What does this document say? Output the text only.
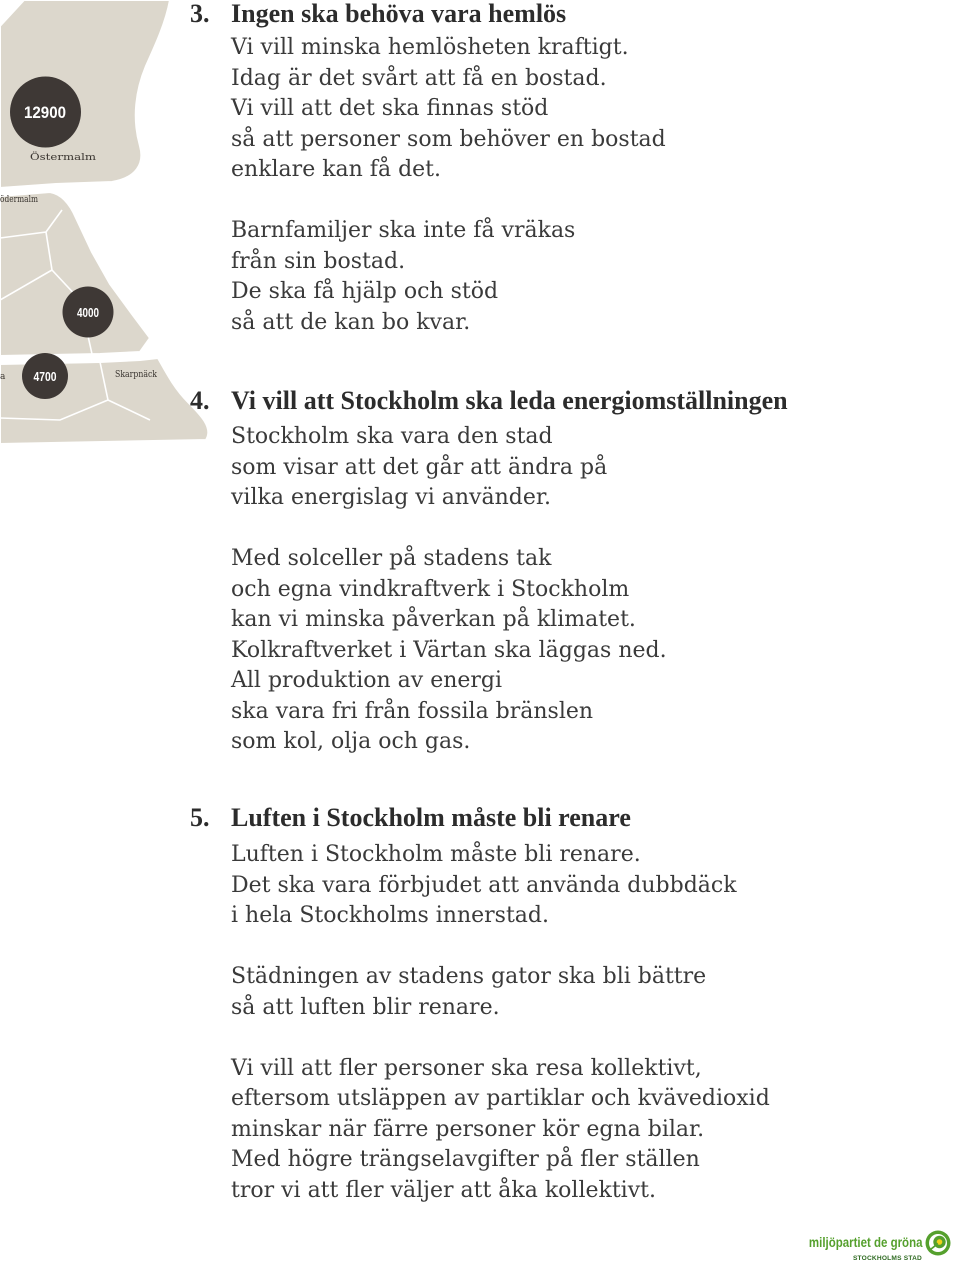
12900
4000
4700
Östermalm
ödermalm
Skarpnäck
a
3. Ingen ska behöva vara hemlös
Vi vill minska hemlösheten kraftigt.
Idag är det svårt att få en bostad.
Vi vill att det ska finnas stöd
så att personer som behöver en bostad
enklare kan få det.
Barnfamiljer ska inte få vräkas
från sin bostad.
De ska få hjälp och stöd
så att de kan bo kvar.
4. Vi vill att Stockholm ska leda energiomställningen
Stockholm ska vara den stad
som visar att det går att ändra på
vilka energislag vi använder.
Med solceller på stadens tak
och egna vindkraftverk i Stockholm
kan vi minska påverkan på klimatet.
Kolkraftverket i Värtan ska läggas ned.
All produktion av energi
ska vara fri från fossila bränslen
som kol, olja och gas.
5. Luften i Stockholm måste bli renare
Luften i Stockholm måste bli renare.
Det ska vara förbjudet att använda dubbdäck
i hela Stockholms innerstad.
Städningen av stadens gator ska bli bättre
så att luften blir renare.
Vi vill att fler personer ska resa kollektivt,
eftersom utsläppen av partiklar och kvävedioxid
minskar när färre personer kör egna bilar.
Med högre trängselavgifter på fler ställen
tror vi att fler väljer att åka kollektivt.
miljöpartiet de gröna
STOCKHOLMS STAD
